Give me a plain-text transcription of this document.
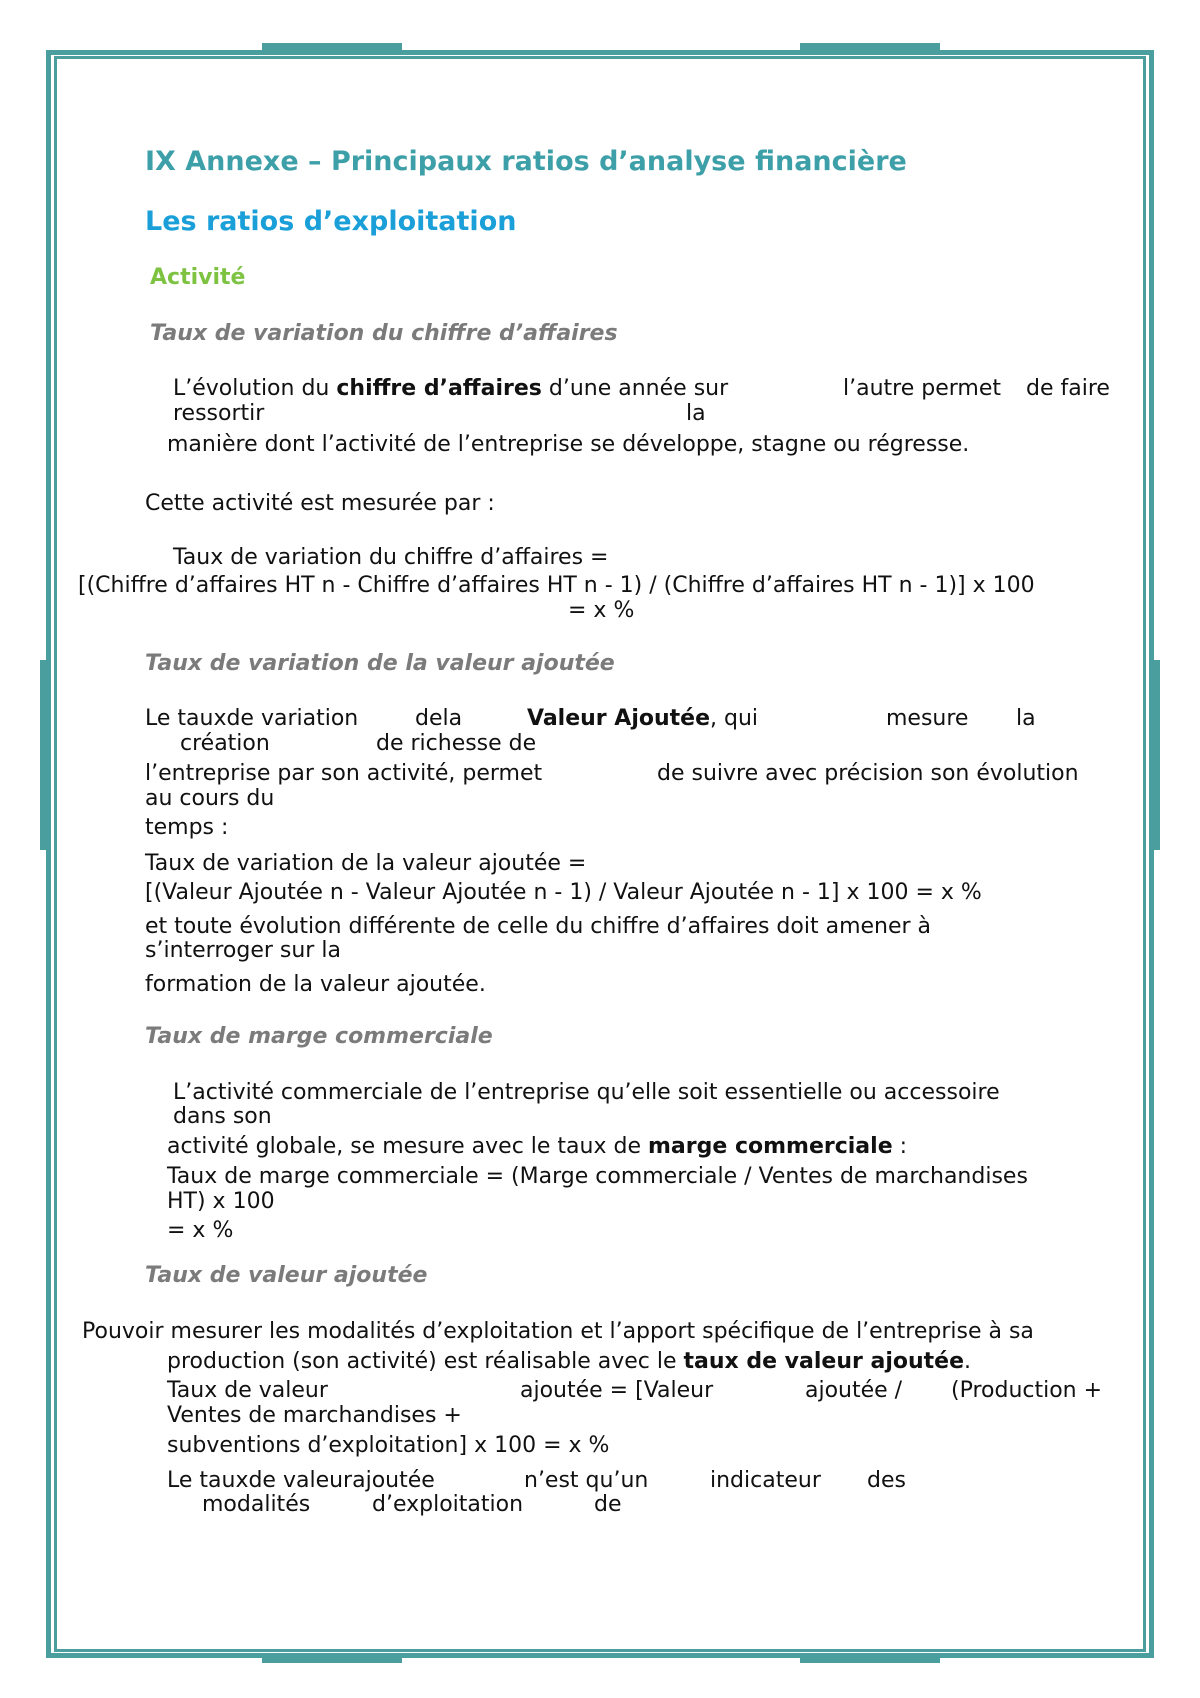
IX Annexe – Principaux ratios d’analyse financière
Les ratios d’exploitation
Activité
Taux de variation du chiffre d’affaires
L’évolution du chiffre d’affaires d’une année sur	l’autre permet de faire
ressortir	la
manière dont l’activité de l’entreprise se développe, stagne ou régresse.
Cette activité est mesurée par :
Taux de variation du chiffre d’affaires =
[(Chiffre d’affaires HT n - Chiffre d’affaires HT n - 1) / (Chiffre d’affaires HT n - 1)] x 100
= x %
Taux de variation de la valeur ajoutée
Le tauxde variation	dela	Valeur Ajoutée, qui	mesure la
création	de richesse de
l’entreprise par son activité, permet	de suivre avec précision son évolution
au cours du
temps :
Taux de variation de la valeur ajoutée =
[(Valeur Ajoutée n - Valeur Ajoutée n - 1) / Valeur Ajoutée n - 1] x 100 = x %
et toute évolution différente de celle du chiffre d’affaires doit amener à
s’interroger sur la
formation de la valeur ajoutée.
Taux de marge commerciale
L’activité commerciale de l’entreprise qu’elle soit essentielle ou accessoire
dans son
activité globale, se mesure avec le taux de marge commerciale :
Taux de marge commerciale = (Marge commerciale / Ventes de marchandises
HT) x 100
= x %
Taux de valeur ajoutée
Pouvoir mesurer les modalités d’exploitation et l’apport spécifique de l’entreprise à sa
production (son activité) est réalisable avec le taux de valeur ajoutée.
Taux de valeur	ajoutée = [Valeur	ajoutée / (Production +
Ventes de marchandises +
subventions d’exploitation] x 100 = x %
Le tauxde valeurajoutée	n’est qu’un	indicateur des
modalités	d’exploitation	de
